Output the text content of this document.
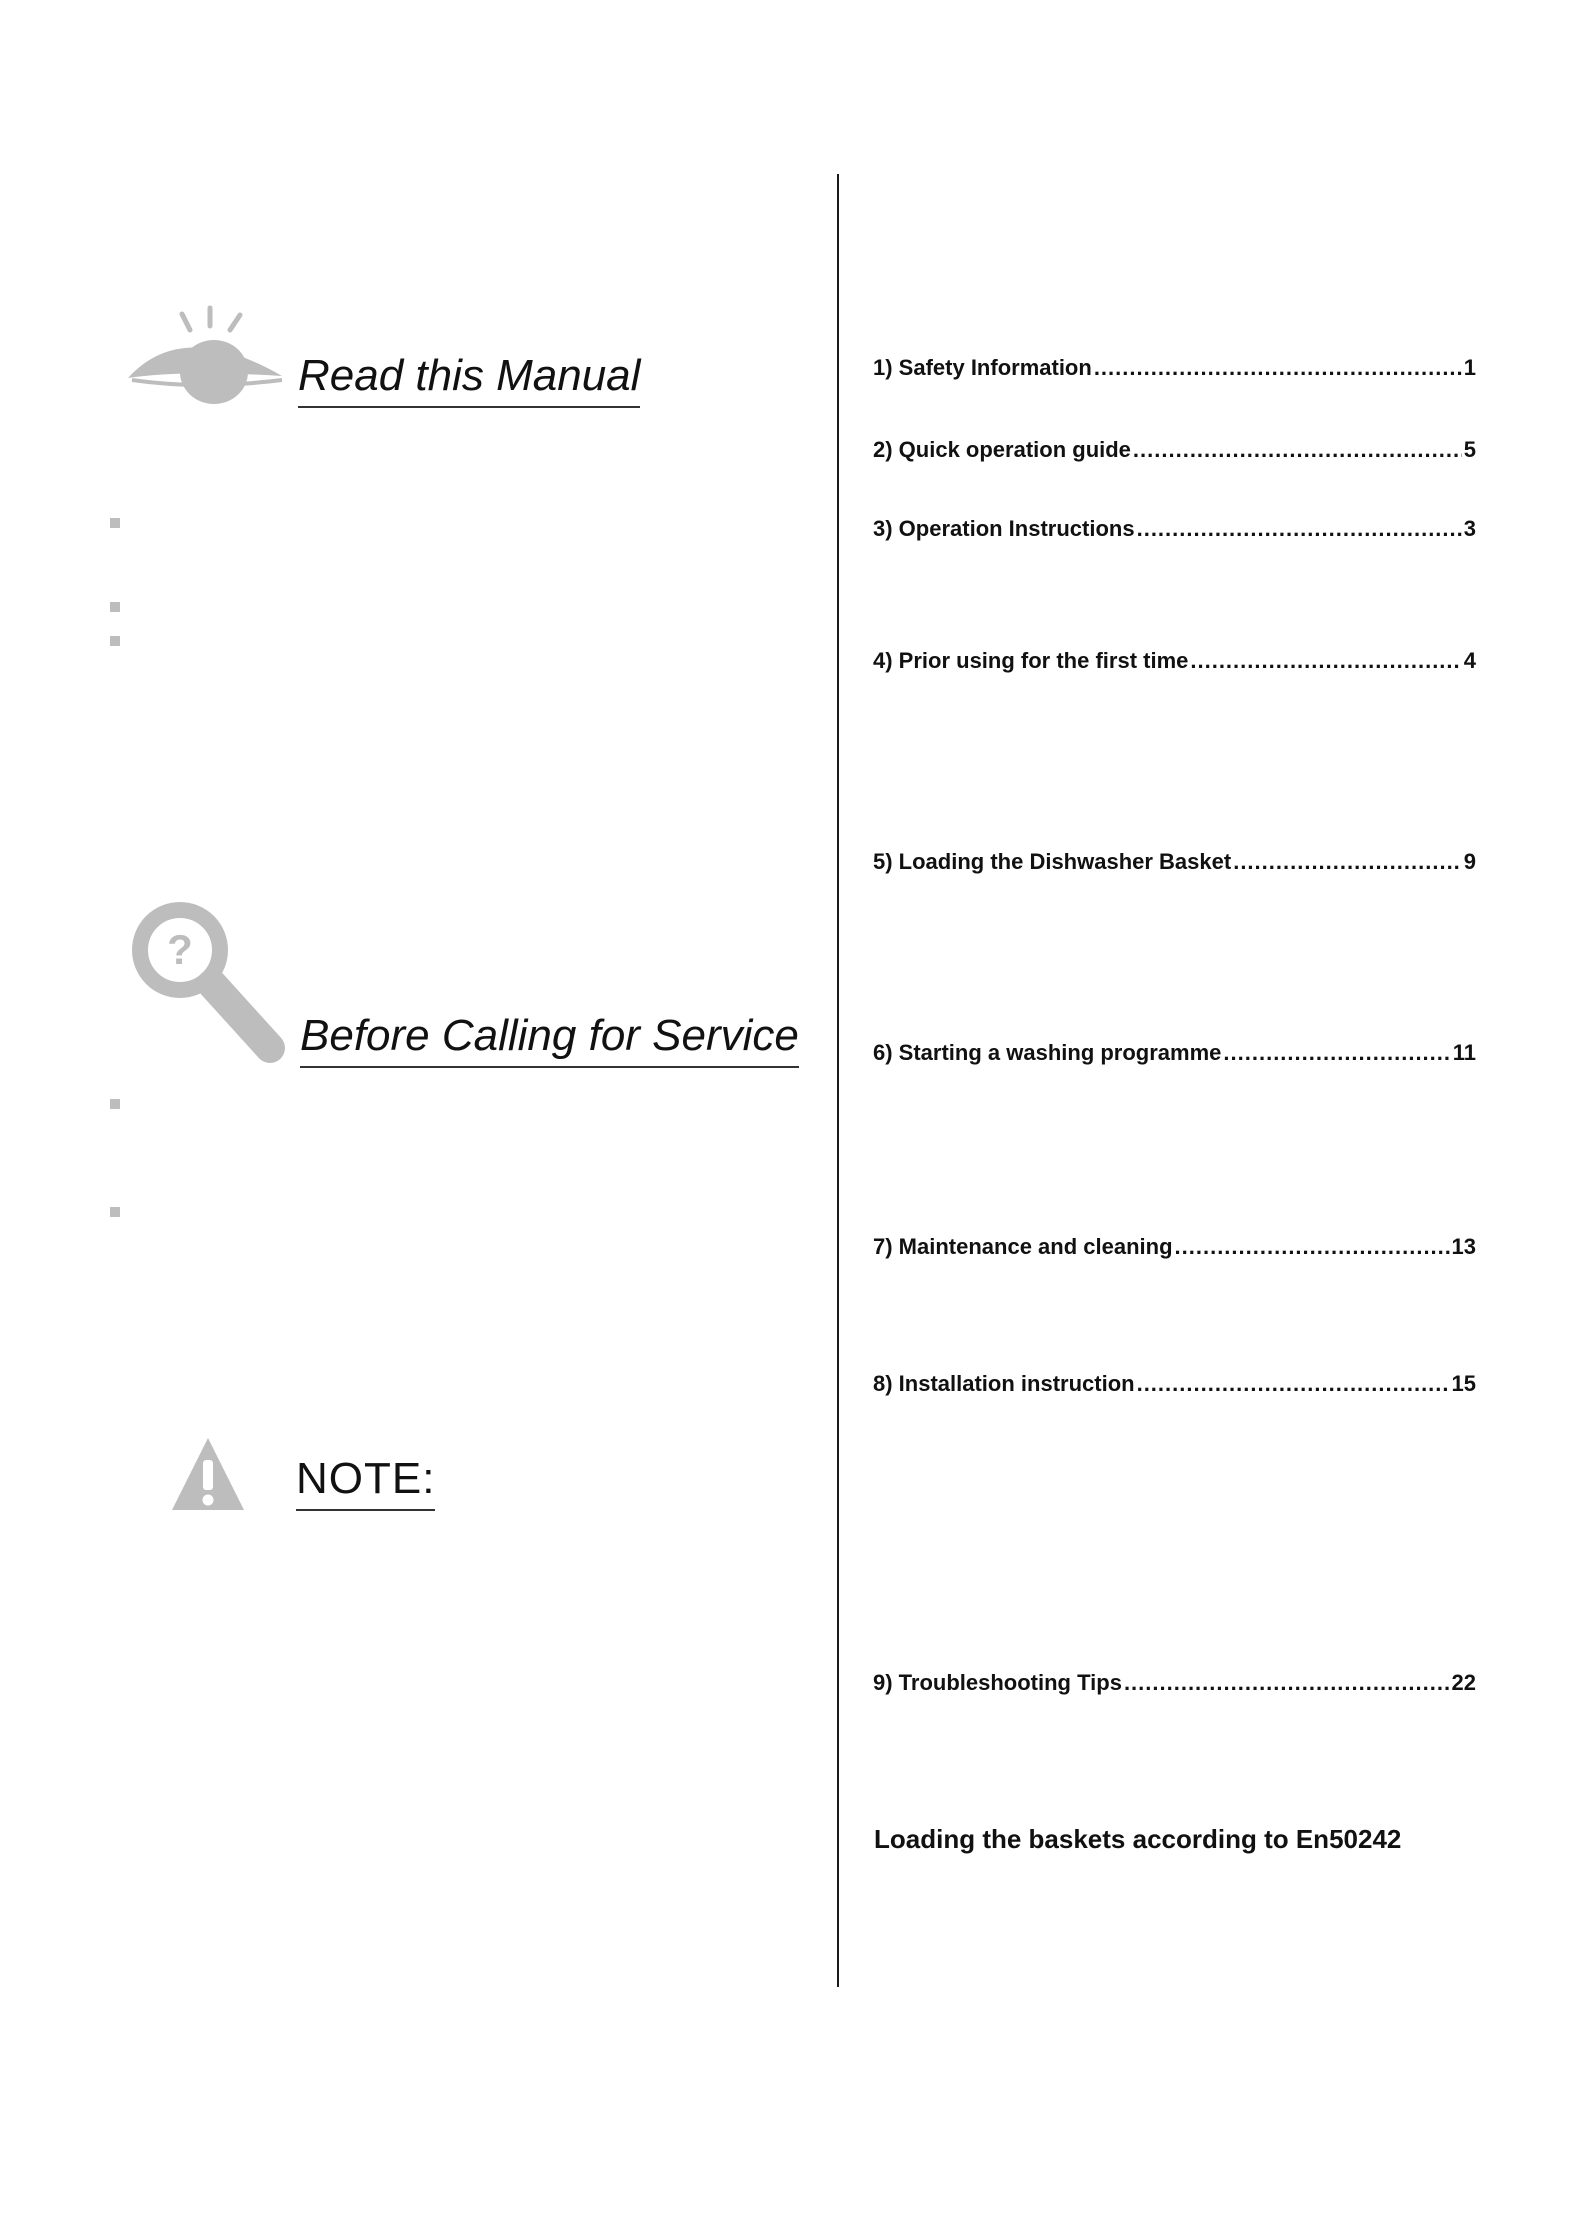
Read this Manual
?
Before Calling for Service
NOTE:
1) Safety Information .....	1
2) Quick operation guide .....	5
3) Operation Instructions .....	3
4) Prior using for the first time .....	4
5) Loading the Dishwasher Basket .....	9
6) Starting a washing programme .....	11
7) Maintenance and cleaning .....	13
8) Installation instruction .....	15
9) Troubleshooting Tips .....	22
Loading the baskets according to En50242
